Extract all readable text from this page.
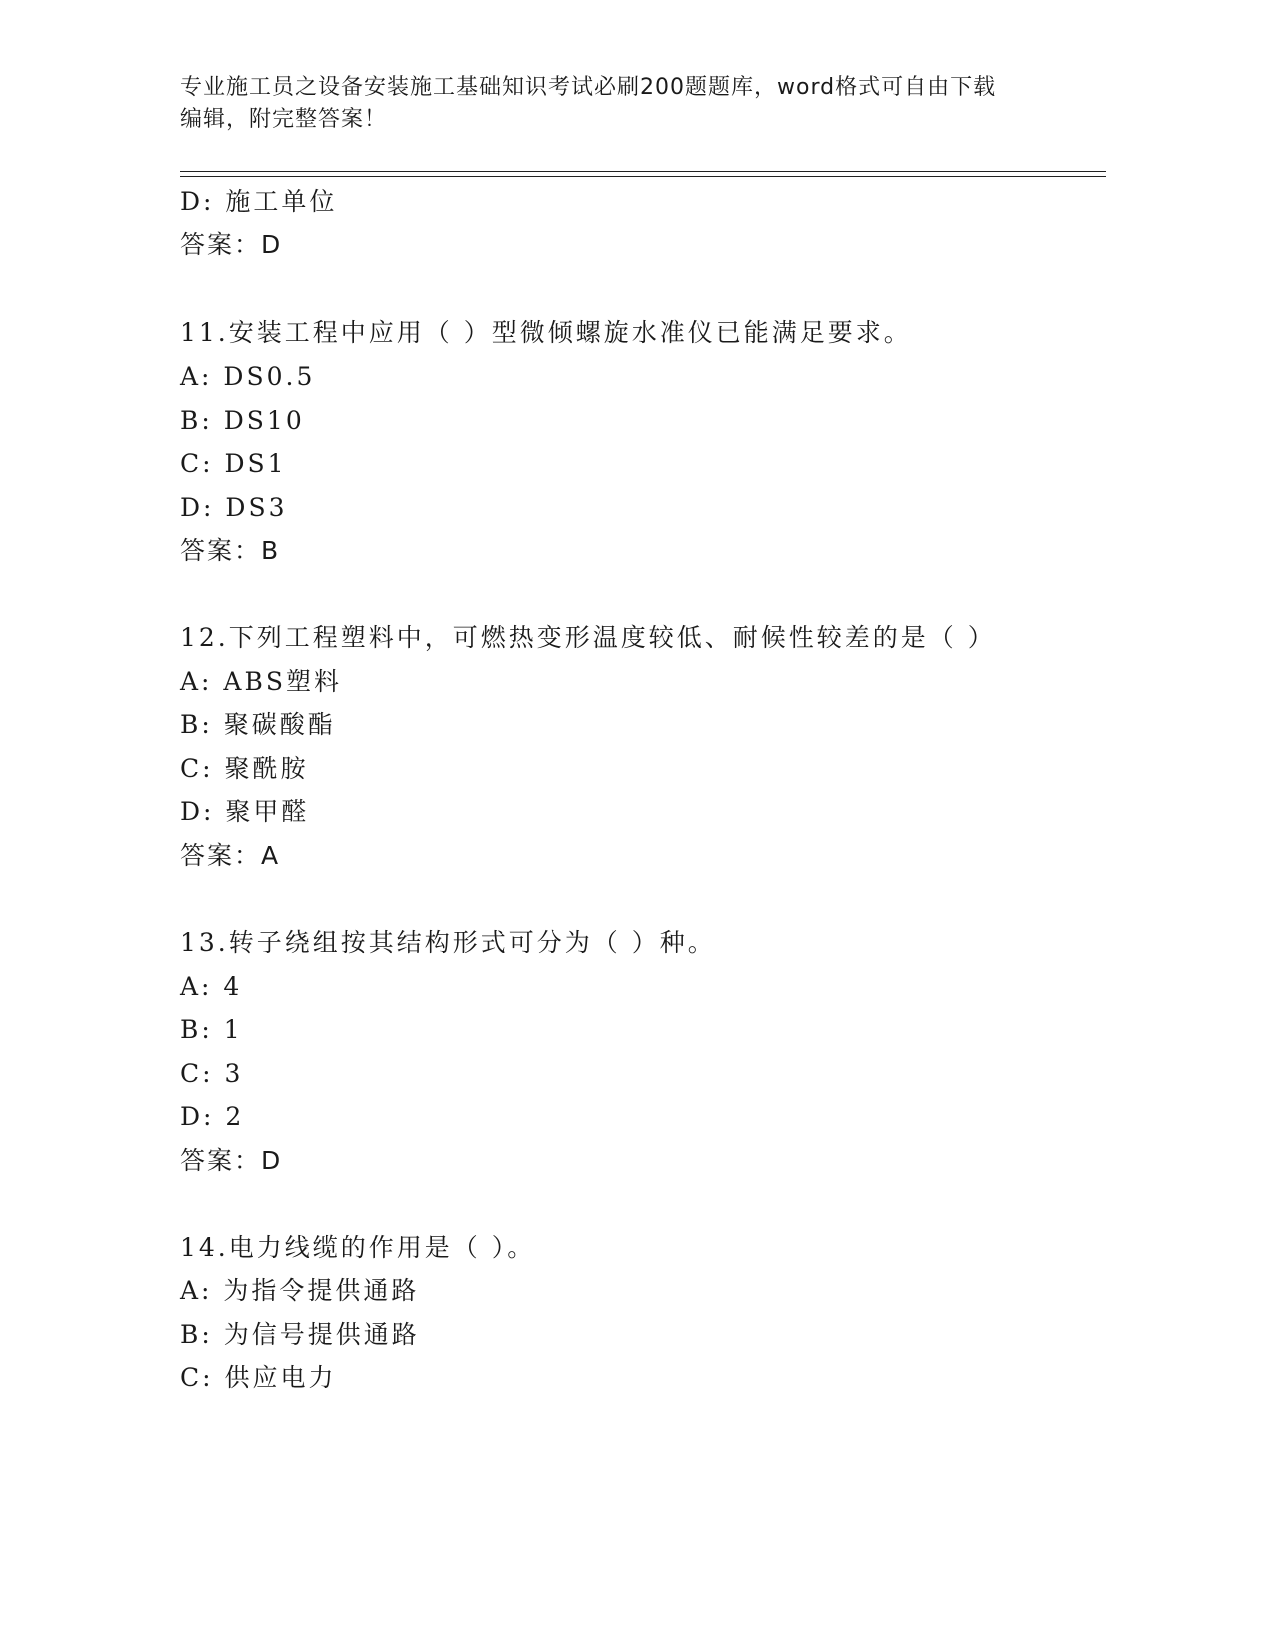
专业施工员之设备安装施工基础知识考试必刷200题题库，word格式可自由下载
编辑，附完整答案！
D: 施工单位
答案：D
11.安装工程中应用（ ）型微倾螺旋水准仪已能满足要求。
A: DS0.5
B: DS10
C: DS1
D: DS3
答案：B
12.下列工程塑料中，可燃热变形温度较低、耐候性较差的是（ ）
A: ABS塑料
B: 聚碳酸酯
C: 聚酰胺
D: 聚甲醛
答案：A
13.转子绕组按其结构形式可分为（ ）种。
A: 4
B: 1
C: 3
D: 2
答案：D
14.电力线缆的作用是（ ）。
A: 为指令提供通路
B: 为信号提供通路
C: 供应电力
